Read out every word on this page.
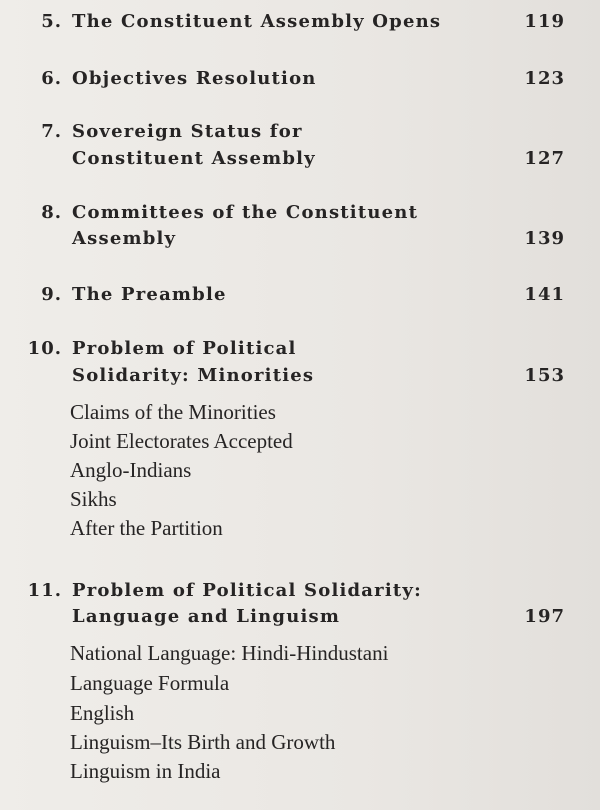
5. The Constituent Assembly Opens	119
6. Objectives Resolution	123
7. Sovereign Status for
Constituent Assembly	127
8. Committees of the Constituent
Assembly	139
9. The Preamble	141
10. Problem of Political
Solidarity: Minorities	153
Claims of the Minorities
Joint Electorates Accepted
Anglo-Indians
Sikhs
After the Partition
11. Problem of Political Solidarity:
Language and Linguism	197
National Language: Hindi-Hindustani
Language Formula
English
Linguism–Its Birth and Growth
Linguism in India
